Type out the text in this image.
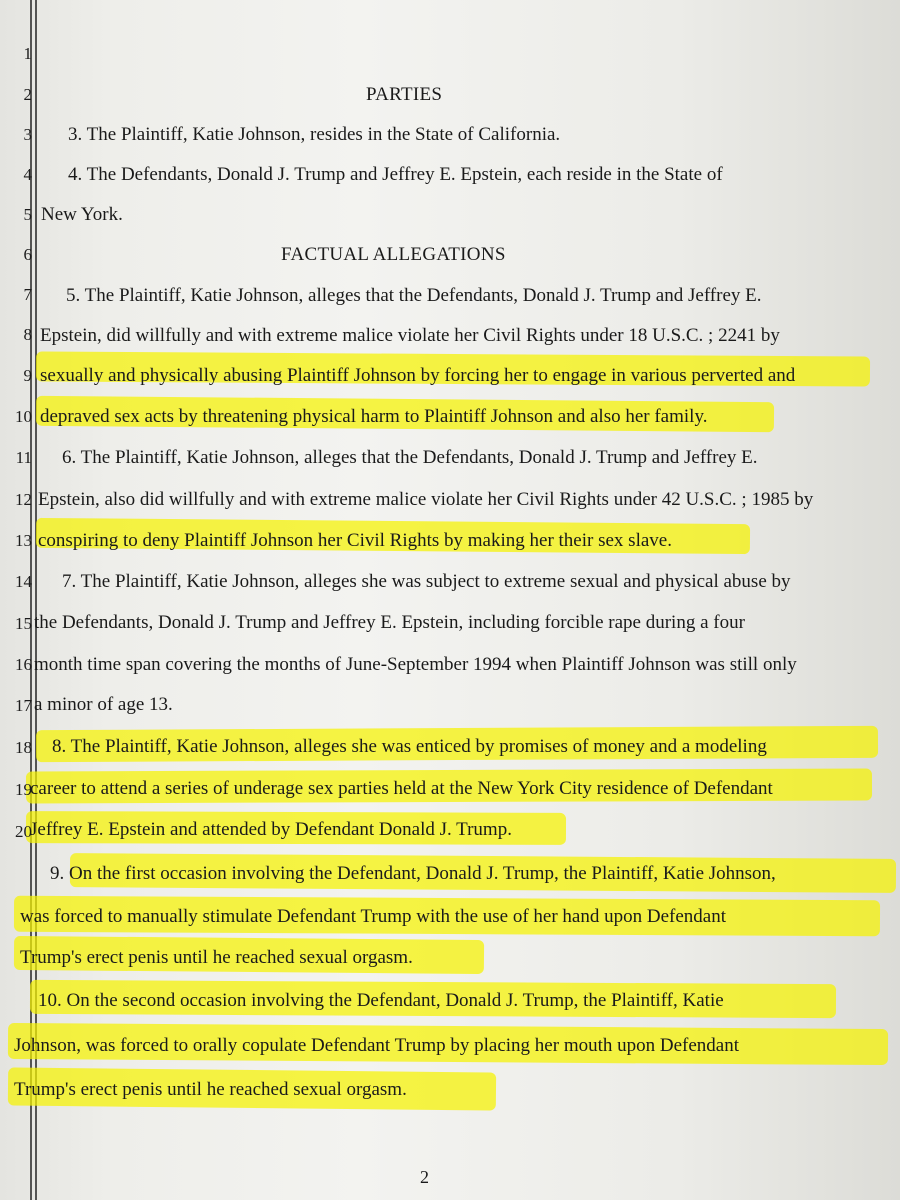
1
2
3
4
5
6
7
8
9
10
11
12
13
14
15
16
17
18
19
20
PARTIES
FACTUAL ALLEGATIONS
3. The Plaintiff, Katie Johnson, resides in the State of California.
4. The Defendants, Donald J. Trump and Jeffrey E. Epstein, each reside in the State of
New York.
5. The Plaintiff, Katie Johnson, alleges that the Defendants, Donald J. Trump and Jeffrey E.
Epstein, did willfully and with extreme malice violate her Civil Rights under 18 U.S.C. ; 2241 by
sexually and physically abusing Plaintiff Johnson by forcing her to engage in various perverted and
depraved sex acts by threatening physical harm to Plaintiff Johnson and also her family.
6. The Plaintiff, Katie Johnson, alleges that the Defendants, Donald J. Trump and Jeffrey E.
Epstein, also did willfully and with extreme malice violate her Civil Rights under 42 U.S.C. ; 1985 by
conspiring to deny Plaintiff Johnson her Civil Rights by making her their sex slave.
7. The Plaintiff, Katie Johnson, alleges she was subject to extreme sexual and physical abuse by
the Defendants, Donald J. Trump and Jeffrey E. Epstein, including forcible rape during a four
month time span covering the months of June-September 1994 when Plaintiff Johnson was still only
a minor of age 13.
8. The Plaintiff, Katie Johnson, alleges she was enticed by promises of money and a modeling
career to attend a series of underage sex parties held at the New York City residence of Defendant
Jeffrey E. Epstein and attended by Defendant Donald J. Trump.
9. On the first occasion involving the Defendant, Donald J. Trump, the Plaintiff, Katie Johnson,
was forced to manually stimulate Defendant Trump with the use of her hand upon Defendant
Trump's erect penis until he reached sexual orgasm.
10. On the second occasion involving the Defendant, Donald J. Trump, the Plaintiff, Katie
Johnson, was forced to orally copulate Defendant Trump by placing her mouth upon Defendant
Trump's erect penis until he reached sexual orgasm.
2
